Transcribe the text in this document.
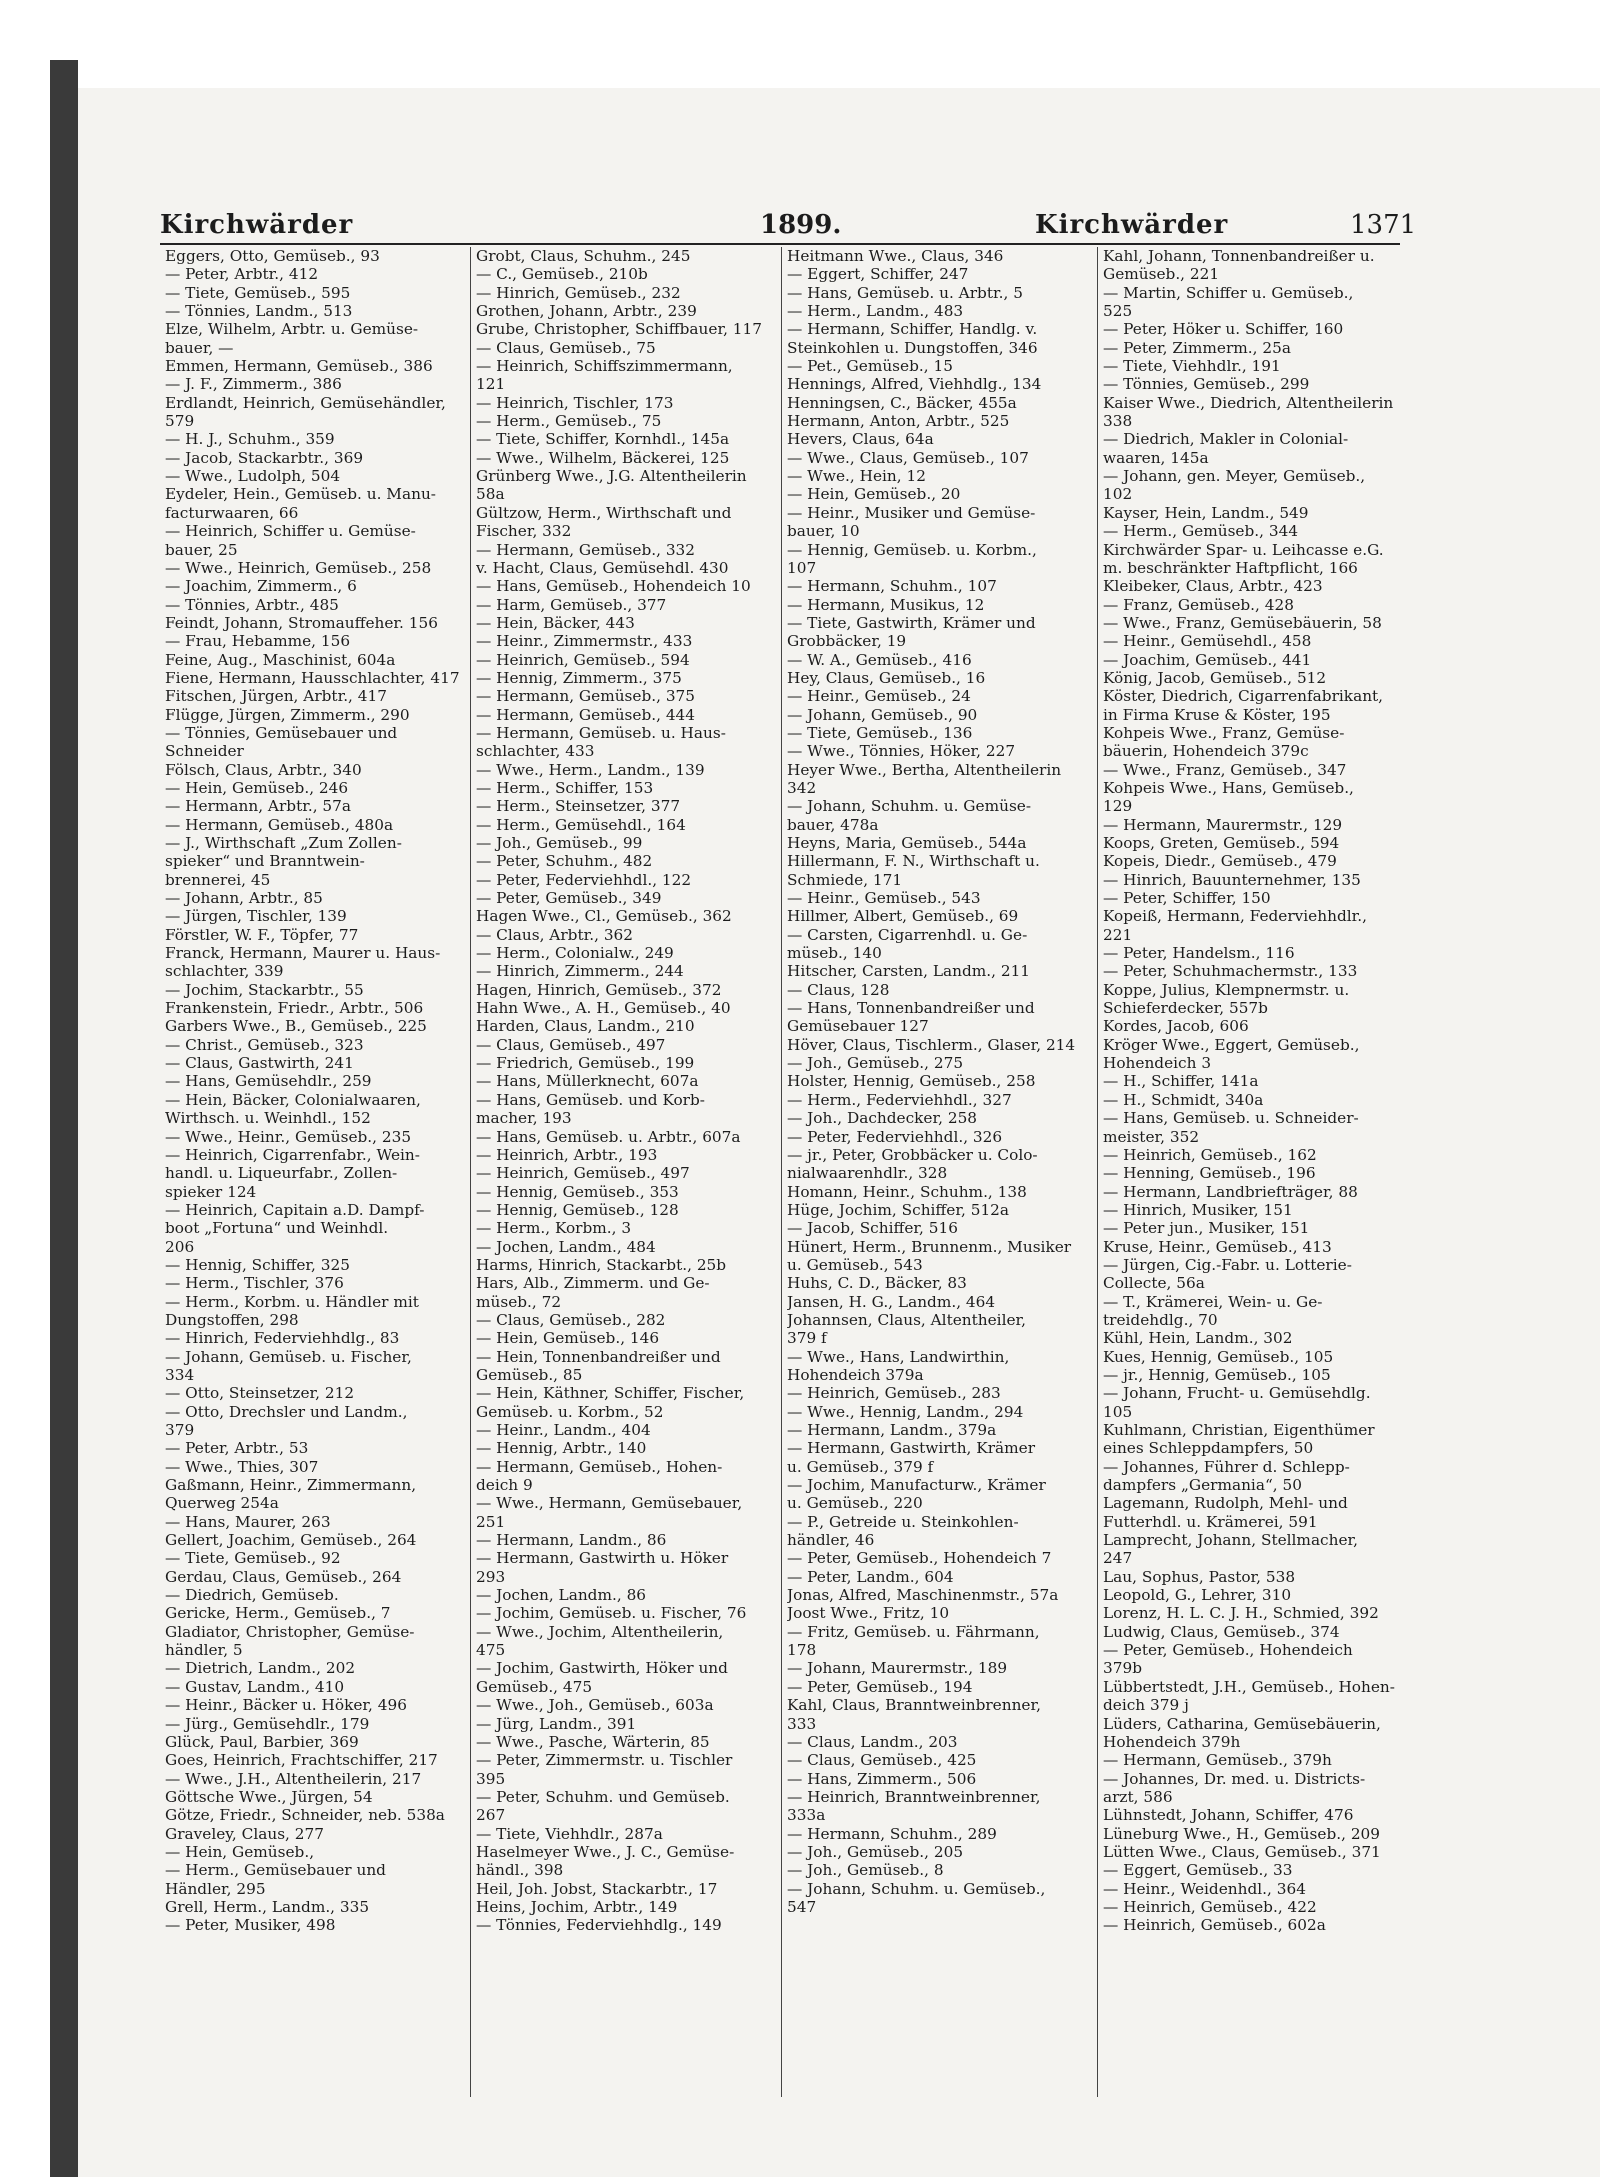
Kirchwärder	1899.	Kirchwärder	1371
Eggers, Otto, Gemüseb., 93
— Peter, Arbtr., 412
— Tiete, Gemüseb., 595
— Tönnies, Landm., 513
Elze, Wilhelm, Arbtr. u. Gemüse-
bauer, —
Emmen, Hermann, Gemüseb., 386
— J. F., Zimmerm., 386
Erdlandt, Heinrich, Gemüsehändler,
579
— H. J., Schuhm., 359
— Jacob, Stackarbtr., 369
— Wwe., Ludolph, 504
Eydeler, Hein., Gemüseb. u. Manu-
facturwaaren, 66
— Heinrich, Schiffer u. Gemüse-
bauer, 25
— Wwe., Heinrich, Gemüseb., 258
— Joachim, Zimmerm., 6
— Tönnies, Arbtr., 485
Feindt, Johann, Stromauffeher. 156
— Frau, Hebamme, 156
Feine, Aug., Maschinist, 604a
Fiene, Hermann, Hausschlachter, 417
Fitschen, Jürgen, Arbtr., 417
Flügge, Jürgen, Zimmerm., 290
— Tönnies, Gemüsebauer und
Schneider
Fölsch, Claus, Arbtr., 340
— Hein, Gemüseb., 246
— Hermann, Arbtr., 57a
— Hermann, Gemüseb., 480a
— J., Wirthschaft „Zum Zollen-
spieker“ und Branntwein-
brennerei, 45
— Johann, Arbtr., 85
— Jürgen, Tischler, 139
Förstler, W. F., Töpfer, 77
Franck, Hermann, Maurer u. Haus-
schlachter, 339
— Jochim, Stackarbtr., 55
Frankenstein, Friedr., Arbtr., 506
Garbers Wwe., B., Gemüseb., 225
— Christ., Gemüseb., 323
— Claus, Gastwirth, 241
— Hans, Gemüsehdlr., 259
— Hein, Bäcker, Colonialwaaren,
Wirthsch. u. Weinhdl., 152
— Wwe., Heinr., Gemüseb., 235
— Heinrich, Cigarrenfabr., Wein-
handl. u. Liqueurfabr., Zollen-
spieker 124
— Heinrich, Capitain a.D. Dampf-
boot „Fortuna“ und Weinhdl.
206
— Hennig, Schiffer, 325
— Herm., Tischler, 376
— Herm., Korbm. u. Händler mit
Dungstoffen, 298
— Hinrich, Federviehhdlg., 83
— Johann, Gemüseb. u. Fischer,
334
— Otto, Steinsetzer, 212
— Otto, Drechsler und Landm.,
379
— Peter, Arbtr., 53
— Wwe., Thies, 307
Gaßmann, Heinr., Zimmermann,
Querweg 254a
— Hans, Maurer, 263
Gellert, Joachim, Gemüseb., 264
— Tiete, Gemüseb., 92
Gerdau, Claus, Gemüseb., 264
— Diedrich, Gemüseb.
Gericke, Herm., Gemüseb., 7
Gladiator, Christopher, Gemüse-
händler, 5
— Dietrich, Landm., 202
— Gustav, Landm., 410
— Heinr., Bäcker u. Höker, 496
— Jürg., Gemüsehdlr., 179
Glück, Paul, Barbier, 369
Goes, Heinrich, Frachtschiffer, 217
— Wwe., J.H., Altentheilerin, 217
Göttsche Wwe., Jürgen, 54
Götze, Friedr., Schneider, neb. 538a
Graveley, Claus, 277
— Hein, Gemüseb.,
— Herm., Gemüsebauer und
Händler, 295
Grell, Herm., Landm., 335
— Peter, Musiker, 498
Grobt, Claus, Schuhm., 245
— C., Gemüseb., 210b
— Hinrich, Gemüseb., 232
Grothen, Johann, Arbtr., 239
Grube, Christopher, Schiffbauer, 117
— Claus, Gemüseb., 75
— Heinrich, Schiffszimmermann,
121
— Heinrich, Tischler, 173
— Herm., Gemüseb., 75
— Tiete, Schiffer, Kornhdl., 145a
— Wwe., Wilhelm, Bäckerei, 125
Grünberg Wwe., J.G. Altentheilerin
58a
Gültzow, Herm., Wirthschaft und
Fischer, 332
— Hermann, Gemüseb., 332
v. Hacht, Claus, Gemüsehdl. 430
— Hans, Gemüseb., Hohendeich 10
— Harm, Gemüseb., 377
— Hein, Bäcker, 443
— Heinr., Zimmermstr., 433
— Heinrich, Gemüseb., 594
— Hennig, Zimmerm., 375
— Hermann, Gemüseb., 375
— Hermann, Gemüseb., 444
— Hermann, Gemüseb. u. Haus-
schlachter, 433
— Wwe., Herm., Landm., 139
— Herm., Schiffer, 153
— Herm., Steinsetzer, 377
— Herm., Gemüsehdl., 164
— Joh., Gemüseb., 99
— Peter, Schuhm., 482
— Peter, Federviehhdl., 122
— Peter, Gemüseb., 349
Hagen Wwe., Cl., Gemüseb., 362
— Claus, Arbtr., 362
— Herm., Colonialw., 249
— Hinrich, Zimmerm., 244
Hagen, Hinrich, Gemüseb., 372
Hahn Wwe., A. H., Gemüseb., 40
Harden, Claus, Landm., 210
— Claus, Gemüseb., 497
— Friedrich, Gemüseb., 199
— Hans, Müllerknecht, 607a
— Hans, Gemüseb. und Korb-
macher, 193
— Hans, Gemüseb. u. Arbtr., 607a
— Heinrich, Arbtr., 193
— Heinrich, Gemüseb., 497
— Hennig, Gemüseb., 353
— Hennig, Gemüseb., 128
— Herm., Korbm., 3
— Jochen, Landm., 484
Harms, Hinrich, Stackarbt., 25b
Hars, Alb., Zimmerm. und Ge-
müseb., 72
— Claus, Gemüseb., 282
— Hein, Gemüseb., 146
— Hein, Tonnenbandreißer und
Gemüseb., 85
— Hein, Käthner, Schiffer, Fischer,
Gemüseb. u. Korbm., 52
— Heinr., Landm., 404
— Hennig, Arbtr., 140
— Hermann, Gemüseb., Hohen-
deich 9
— Wwe., Hermann, Gemüsebauer,
251
— Hermann, Landm., 86
— Hermann, Gastwirth u. Höker
293
— Jochen, Landm., 86
— Jochim, Gemüseb. u. Fischer, 76
— Wwe., Jochim, Altentheilerin,
475
— Jochim, Gastwirth, Höker und
Gemüseb., 475
— Wwe., Joh., Gemüseb., 603a
— Jürg, Landm., 391
— Wwe., Pasche, Wärterin, 85
— Peter, Zimmermstr. u. Tischler
395
— Peter, Schuhm. und Gemüseb.
267
— Tiete, Viehhdlr., 287a
Haselmeyer Wwe., J. C., Gemüse-
händl., 398
Heil, Joh. Jobst, Stackarbtr., 17
Heins, Jochim, Arbtr., 149
— Tönnies, Federviehhdlg., 149
Heitmann Wwe., Claus, 346
— Eggert, Schiffer, 247
— Hans, Gemüseb. u. Arbtr., 5
— Herm., Landm., 483
— Hermann, Schiffer, Handlg. v.
Steinkohlen u. Dungstoffen, 346
— Pet., Gemüseb., 15
Hennings, Alfred, Viehhdlg., 134
Henningsen, C., Bäcker, 455a
Hermann, Anton, Arbtr., 525
Hevers, Claus, 64a
— Wwe., Claus, Gemüseb., 107
— Wwe., Hein, 12
— Hein, Gemüseb., 20
— Heinr., Musiker und Gemüse-
bauer, 10
— Hennig, Gemüseb. u. Korbm.,
107
— Hermann, Schuhm., 107
— Hermann, Musikus, 12
— Tiete, Gastwirth, Krämer und
Grobbäcker, 19
— W. A., Gemüseb., 416
Hey, Claus, Gemüseb., 16
— Heinr., Gemüseb., 24
— Johann, Gemüseb., 90
— Tiete, Gemüseb., 136
— Wwe., Tönnies, Höker, 227
Heyer Wwe., Bertha, Altentheilerin
342
— Johann, Schuhm. u. Gemüse-
bauer, 478a
Heyns, Maria, Gemüseb., 544a
Hillermann, F. N., Wirthschaft u.
Schmiede, 171
— Heinr., Gemüseb., 543
Hillmer, Albert, Gemüseb., 69
— Carsten, Cigarrenhdl. u. Ge-
müseb., 140
Hitscher, Carsten, Landm., 211
— Claus, 128
— Hans, Tonnenbandreißer und
Gemüsebauer 127
Höver, Claus, Tischlerm., Glaser, 214
— Joh., Gemüseb., 275
Holster, Hennig, Gemüseb., 258
— Herm., Federviehhdl., 327
— Joh., Dachdecker, 258
— Peter, Federviehhdl., 326
— jr., Peter, Grobbäcker u. Colo-
nialwaarenhdlr., 328
Homann, Heinr., Schuhm., 138
Hüge, Jochim, Schiffer, 512a
— Jacob, Schiffer, 516
Hünert, Herm., Brunnenm., Musiker
u. Gemüseb., 543
Huhs, C. D., Bäcker, 83
Jansen, H. G., Landm., 464
Johannsen, Claus, Altentheiler,
379 f
— Wwe., Hans, Landwirthin,
Hohendeich 379a
— Heinrich, Gemüseb., 283
— Wwe., Hennig, Landm., 294
— Hermann, Landm., 379a
— Hermann, Gastwirth, Krämer
u. Gemüseb., 379 f
— Jochim, Manufacturw., Krämer
u. Gemüseb., 220
— P., Getreide u. Steinkohlen-
händler, 46
— Peter, Gemüseb., Hohendeich 7
— Peter, Landm., 604
Jonas, Alfred, Maschinenmstr., 57a
Joost Wwe., Fritz, 10
— Fritz, Gemüseb. u. Fährmann,
178
— Johann, Maurermstr., 189
— Peter, Gemüseb., 194
Kahl, Claus, Branntweinbrenner,
333
— Claus, Landm., 203
— Claus, Gemüseb., 425
— Hans, Zimmerm., 506
— Heinrich, Branntweinbrenner,
333a
— Hermann, Schuhm., 289
— Joh., Gemüseb., 205
— Joh., Gemüseb., 8
— Johann, Schuhm. u. Gemüseb.,
547
Kahl, Johann, Tonnenbandreißer u.
Gemüseb., 221
— Martin, Schiffer u. Gemüseb.,
525
— Peter, Höker u. Schiffer, 160
— Peter, Zimmerm., 25a
— Tiete, Viehhdlr., 191
— Tönnies, Gemüseb., 299
Kaiser Wwe., Diedrich, Altentheilerin
338
— Diedrich, Makler in Colonial-
waaren, 145a
— Johann, gen. Meyer, Gemüseb.,
102
Kayser, Hein, Landm., 549
— Herm., Gemüseb., 344
Kirchwärder Spar- u. Leihcasse e.G.
m. beschränkter Haftpflicht, 166
Kleibeker, Claus, Arbtr., 423
— Franz, Gemüseb., 428
— Wwe., Franz, Gemüsebäuerin, 58
— Heinr., Gemüsehdl., 458
— Joachim, Gemüseb., 441
König, Jacob, Gemüseb., 512
Köster, Diedrich, Cigarrenfabrikant,
in Firma Kruse & Köster, 195
Kohpeis Wwe., Franz, Gemüse-
bäuerin, Hohendeich 379c
— Wwe., Franz, Gemüseb., 347
Kohpeis Wwe., Hans, Gemüseb.,
129
— Hermann, Maurermstr., 129
Koops, Greten, Gemüseb., 594
Kopeis, Diedr., Gemüseb., 479
— Hinrich, Bauunternehmer, 135
— Peter, Schiffer, 150
Kopeiß, Hermann, Federviehhdlr.,
221
— Peter, Handelsm., 116
— Peter, Schuhmachermstr., 133
Koppe, Julius, Klempnermstr. u.
Schieferdecker, 557b
Kordes, Jacob, 606
Kröger Wwe., Eggert, Gemüseb.,
Hohendeich 3
— H., Schiffer, 141a
— H., Schmidt, 340a
— Hans, Gemüseb. u. Schneider-
meister, 352
— Heinrich, Gemüseb., 162
— Henning, Gemüseb., 196
— Hermann, Landbriefträger, 88
— Hinrich, Musiker, 151
— Peter jun., Musiker, 151
Kruse, Heinr., Gemüseb., 413
— Jürgen, Cig.-Fabr. u. Lotterie-
Collecte, 56a
— T., Krämerei, Wein- u. Ge-
treidehdlg., 70
Kühl, Hein, Landm., 302
Kues, Hennig, Gemüseb., 105
— jr., Hennig, Gemüseb., 105
— Johann, Frucht- u. Gemüsehdlg.
105
Kuhlmann, Christian, Eigenthümer
eines Schleppdampfers, 50
— Johannes, Führer d. Schlepp-
dampfers „Germania“, 50
Lagemann, Rudolph, Mehl- und
Futterhdl. u. Krämerei, 591
Lamprecht, Johann, Stellmacher,
247
Lau, Sophus, Pastor, 538
Leopold, G., Lehrer, 310
Lorenz, H. L. C. J. H., Schmied, 392
Ludwig, Claus, Gemüseb., 374
— Peter, Gemüseb., Hohendeich
379b
Lübbertstedt, J.H., Gemüseb., Hohen-
deich 379 j
Lüders, Catharina, Gemüsebäuerin,
Hohendeich 379h
— Hermann, Gemüseb., 379h
— Johannes, Dr. med. u. Districts-
arzt, 586
Lühnstedt, Johann, Schiffer, 476
Lüneburg Wwe., H., Gemüseb., 209
Lütten Wwe., Claus, Gemüseb., 371
— Eggert, Gemüseb., 33
— Heinr., Weidenhdl., 364
— Heinrich, Gemüseb., 422
— Heinrich, Gemüseb., 602a
